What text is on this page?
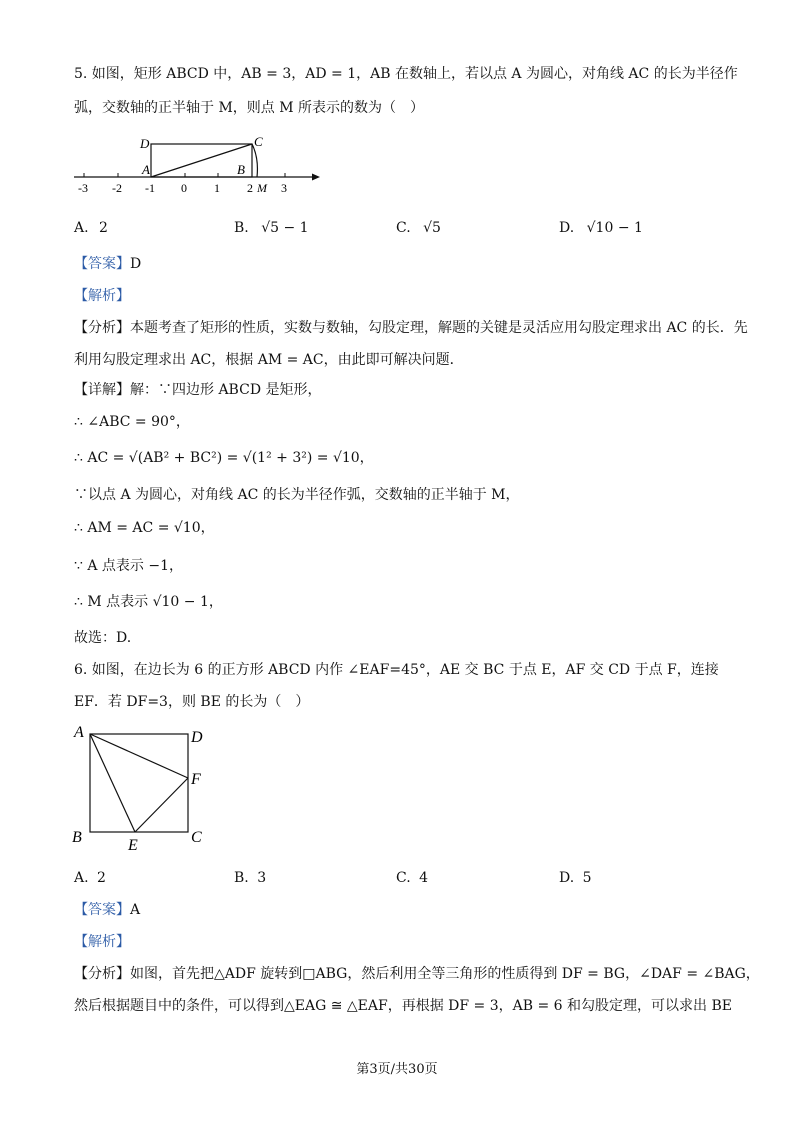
5. 如图，矩形 ABCD 中，AB = 3，AD = 1，AB 在数轴上，若以点 A 为圆心，对角线 AC 的长为半径作
弧，交数轴的正半轴于 M，则点 M 所表示的数为（　）
D	C
A	B
-3 -2 -1 0 1 2 M 3
A. 2	B. √5 − 1	C. √5	D. √10 − 1
【答案】D
【解析】
【分析】本题考查了矩形的性质，实数与数轴，勾股定理，解题的关键是灵活应用勾股定理求出 AC 的长．先
利用勾股定理求出 AC，根据 AM = AC，由此即可解决问题．
【详解】解：∵四边形 ABCD 是矩形，
∴ ∠ABC = 90°，
∴ AC = √(AB² + BC²) = √(1² + 3²) = √10，
∵以点 A 为圆心，对角线 AC 的长为半径作弧，交数轴的正半轴于 M，
∴ AM = AC = √10，
∵ A 点表示 −1，
∴ M 点表示 √10 − 1，
故选：D.
6. 如图，在边长为 6 的正方形 ABCD 内作 ∠EAF=45°，AE 交 BC 于点 E，AF 交 CD 于点 F，连接
EF．若 DF=3，则 BE 的长为（　）
A	D
F
B	E	C
A. 2	B. 3	C. 4	D. 5
【答案】A
【解析】
【分析】如图，首先把△ADF 旋转到□ABG，然后利用全等三角形的性质得到 DF = BG，∠DAF = ∠BAG，
然后根据题目中的条件，可以得到△EAG ≅ △EAF，再根据 DF = 3，AB = 6 和勾股定理，可以求出 BE
第3页/共30页
